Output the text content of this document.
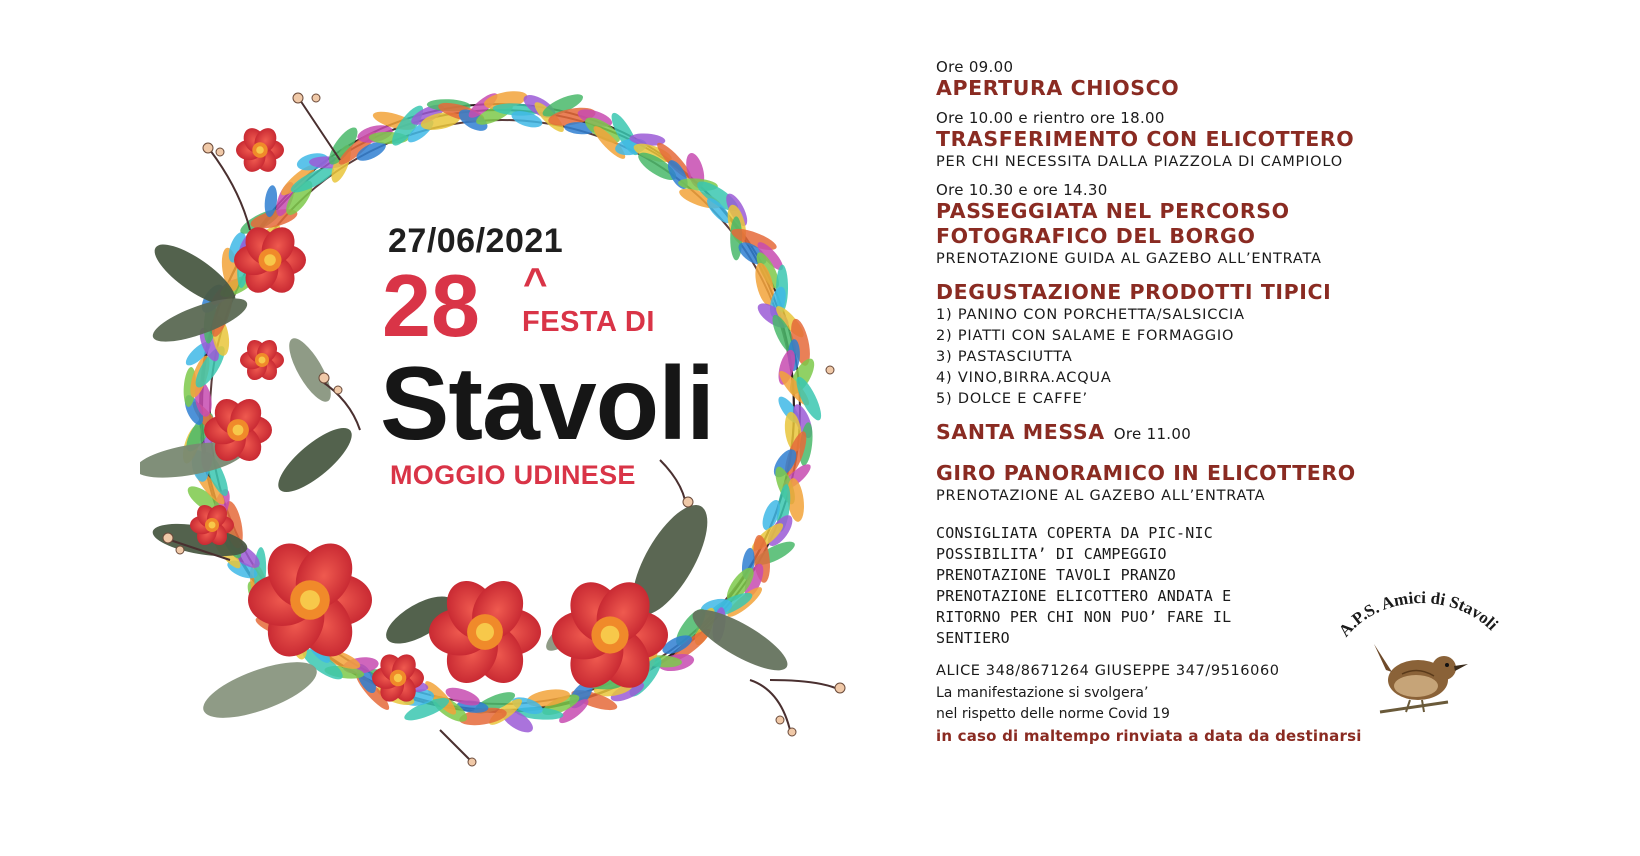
27/06/2021
28 ^
FESTA DI
Stavoli
MOGGIO UDINESE
Ore 09.00
APERTURA CHIOSCO
Ore 10.00 e rientro ore 18.00
TRASFERIMENTO CON ELICOTTERO
PER CHI NECESSITA DALLA PIAZZOLA DI CAMPIOLO
Ore 10.30 e ore 14.30
PASSEGGIATA NEL PERCORSO
FOTOGRAFICO DEL BORGO
PRENOTAZIONE GUIDA AL GAZEBO ALL’ENTRATA
DEGUSTAZIONE PRODOTTI TIPICI
1) PANINO CON PORCHETTA/SALSICCIA
2) PIATTI CON SALAME E FORMAGGIO
3) PASTASCIUTTA
4) VINO,BIRRA.ACQUA
5) DOLCE E CAFFE’
SANTA MESSA Ore 11.00
GIRO PANORAMICO IN ELICOTTERO
PRENOTAZIONE AL GAZEBO ALL’ENTRATA
CONSIGLIATA COPERTA DA PIC-NIC
POSSIBILITA’ DI CAMPEGGIO
PRENOTAZIONE TAVOLI PRANZO
PRENOTAZIONE ELICOTTERO ANDATA E
RITORNO PER CHI NON PUO’ FARE IL
SENTIERO
ALICE 348/8671264 GIUSEPPE 347/9516060
La manifestazione si svolgera’
nel rispetto delle norme Covid 19
in caso di maltempo rinviata a data da destinarsi
A.P.S. Amici di Stavoli
